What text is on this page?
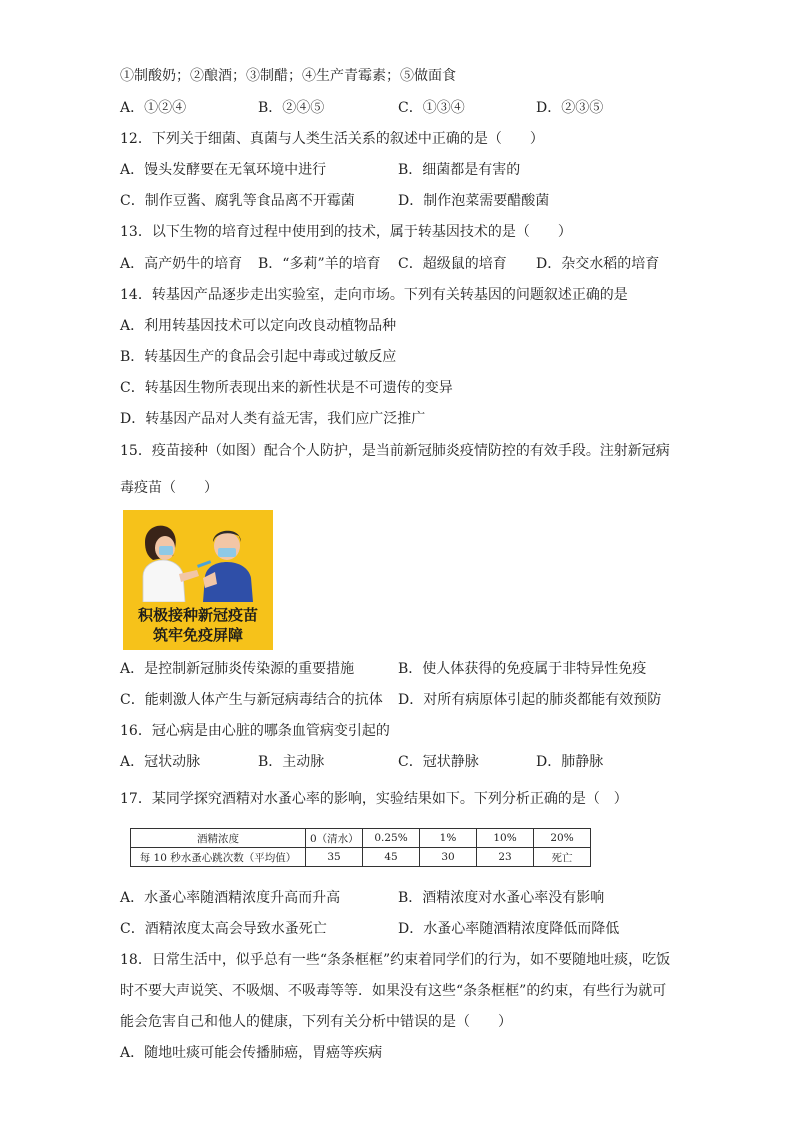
①制酸奶；②酿酒；③制醋；④生产青霉素；⑤做面食
A．①②④	B．②④⑤	C．①③④	D．②③⑤
12．下列关于细菌、真菌与人类生活关系的叙述中正确的是（　　）
A．馒头发酵要在无氧环境中进行	B．细菌都是有害的
C．制作豆酱、腐乳等食品离不开霉菌	D．制作泡菜需要醋酸菌
13．以下生物的培育过程中使用到的技术，属于转基因技术的是（　　）
A．高产奶牛的培育 B．“多莉”羊的培育 C．超级鼠的培育 D．杂交水稻的培育
14．转基因产品逐步走出实验室，走向市场。下列有关转基因的问题叙述正确的是
A．利用转基因技术可以定向改良动植物品种
B．转基因生产的食品会引起中毒或过敏反应
C．转基因生物所表现出来的新性状是不可遗传的变异
D．转基因产品对人类有益无害，我们应广泛推广
15．疫苗接种（如图）配合个人防护，是当前新冠肺炎疫情防控的有效手段。注射新冠病
毒疫苗（　　）
积极接种新冠疫苗
筑牢免疫屏障
A．是控制新冠肺炎传染源的重要措施	B．使人体获得的免疫属于非特异性免疫
C．能刺激人体产生与新冠病毒结合的抗体 D．对所有病原体引起的肺炎都能有效预防
16．冠心病是由心脏的哪条血管病变引起的
A．冠状动脉	B．主动脉	C．冠状静脉	D．肺静脉
17．某同学探究酒精对水蚤心率的影响，实验结果如下。下列分析正确的是（　）
酒精浓度	0（清水）	0.25%	1%	10%	20%
每 10 秒水蚤心跳次数（平均值）	35	45	30	23	死亡
A．水蚤心率随酒精浓度升高而升高	B．酒精浓度对水蚤心率没有影响
C．酒精浓度太高会导致水蚤死亡	D．水蚤心率随酒精浓度降低而降低
18．日常生活中，似乎总有一些“条条框框”约束着同学们的行为，如不要随地吐痰，吃饭
时不要大声说笑、不吸烟、不吸毒等等．如果没有这些“条条框框”的约束，有些行为就可
能会危害自己和他人的健康，下列有关分析中错误的是（　　）
A．随地吐痰可能会传播肺癌，胃癌等疾病
